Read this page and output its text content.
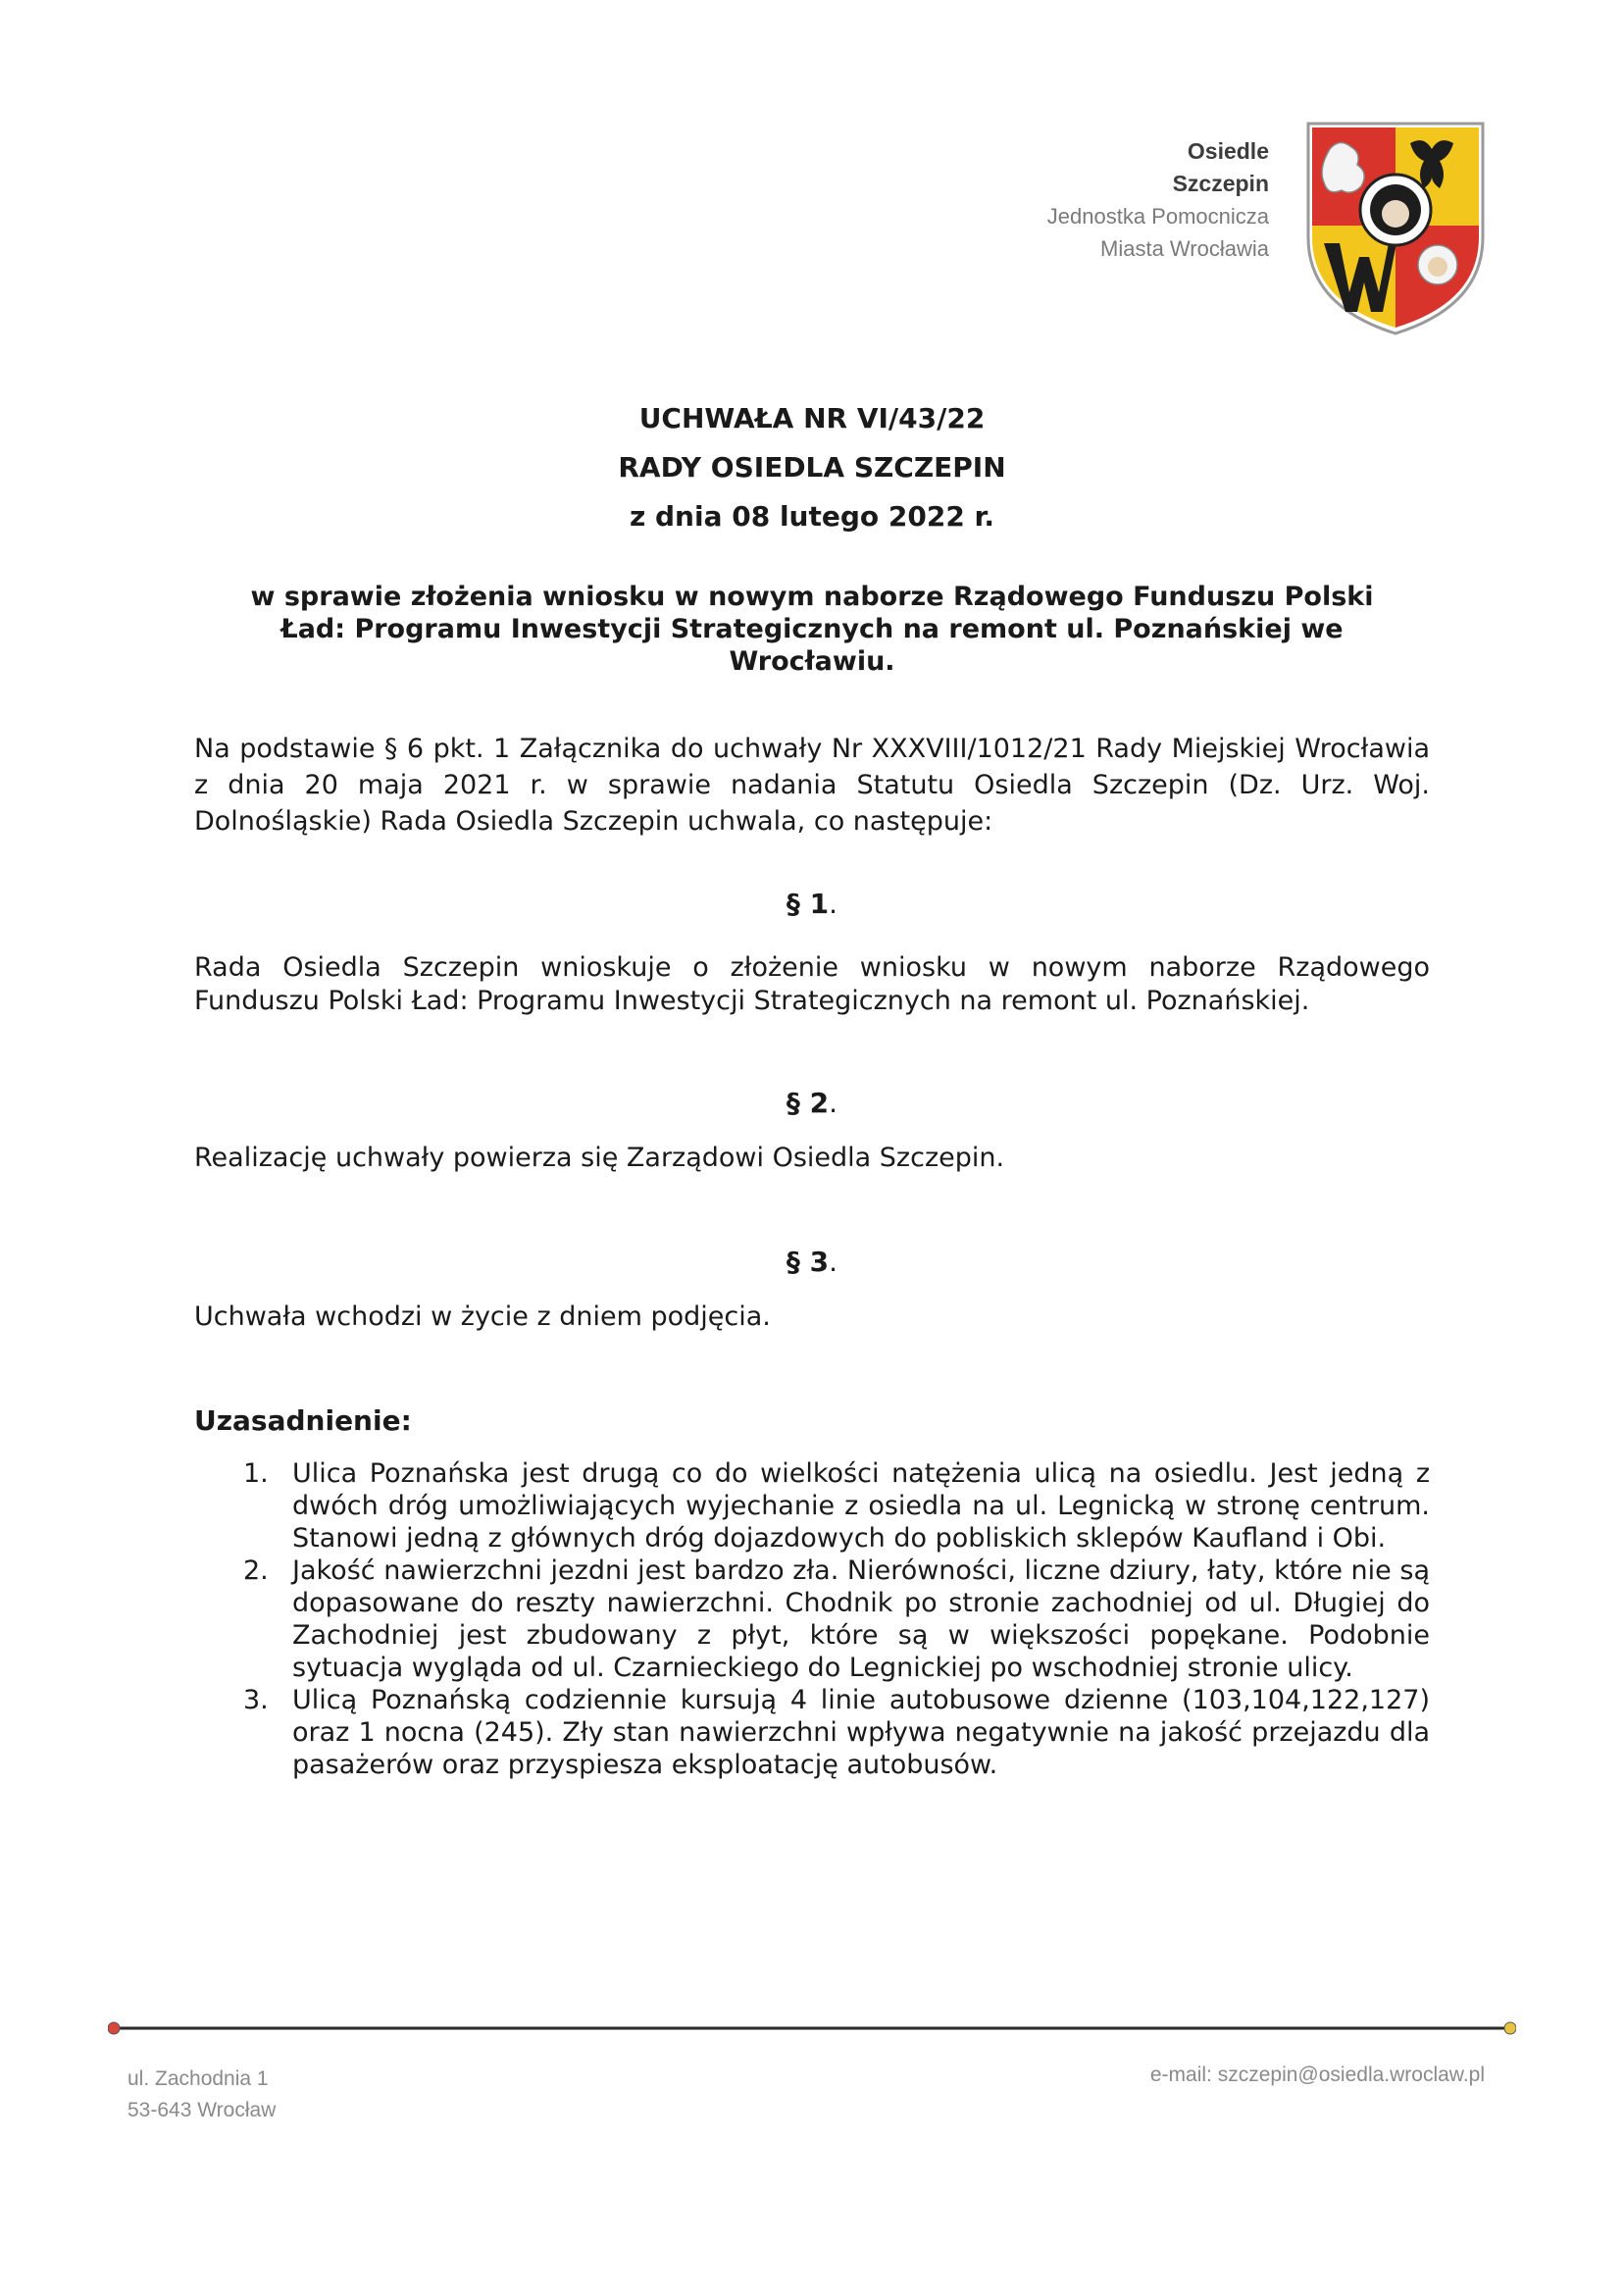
Osiedle
Szczepin
Jednostka Pomocnicza
Miasta Wrocławia
UCHWAŁA NR VI/43/22
RADY OSIEDLA SZCZEPIN
z dnia 08 lutego 2022 r.
w sprawie złożenia wniosku w nowym naborze Rządowego Funduszu Polski Ład: Programu Inwestycji Strategicznych na remont ul. Poznańskiej we Wrocławiu.
Na podstawie § 6 pkt. 1 Załącznika do uchwały Nr XXXVIII/1012/21 Rady Miejskiej Wrocławia z dnia 20 maja 2021 r. w sprawie nadania Statutu Osiedla Szczepin (Dz. Urz. Woj. Dolnośląskie) Rada Osiedla Szczepin uchwala, co następuje:
§ 1.
Rada Osiedla Szczepin wnioskuje o złożenie wniosku w nowym naborze Rządowego Funduszu Polski Ład: Programu Inwestycji Strategicznych na remont ul. Poznańskiej.
§ 2.
Realizację uchwały powierza się Zarządowi Osiedla Szczepin.
§ 3.
Uchwała wchodzi w życie z dniem podjęcia.
Uzasadnienie:
1. Ulica Poznańska jest drugą co do wielkości natężenia ulicą na osiedlu. Jest jedną z dwóch dróg umożliwiających wyjechanie z osiedla na ul. Legnicką w stronę centrum. Stanowi jedną z głównych dróg dojazdowych do pobliskich sklepów Kaufland i Obi.
2. Jakość nawierzchni jezdni jest bardzo zła. Nierówności, liczne dziury, łaty, które nie są dopasowane do reszty nawierzchni. Chodnik po stronie zachodniej od ul. Długiej do Zachodniej jest zbudowany z płyt, które są w większości popękane. Podobnie sytuacja wygląda od ul. Czarnieckiego do Legnickiej po wschodniej stronie ulicy.
3. Ulicą Poznańską codziennie kursują 4 linie autobusowe dzienne (103,104,122,127) oraz 1 nocna (245). Zły stan nawierzchni wpływa negatywnie na jakość przejazdu dla pasażerów oraz przyspiesza eksploatację autobusów.
ul. Zachodnia 1
53-643 Wrocław
e-mail: szczepin@osiedla.wroclaw.pl
